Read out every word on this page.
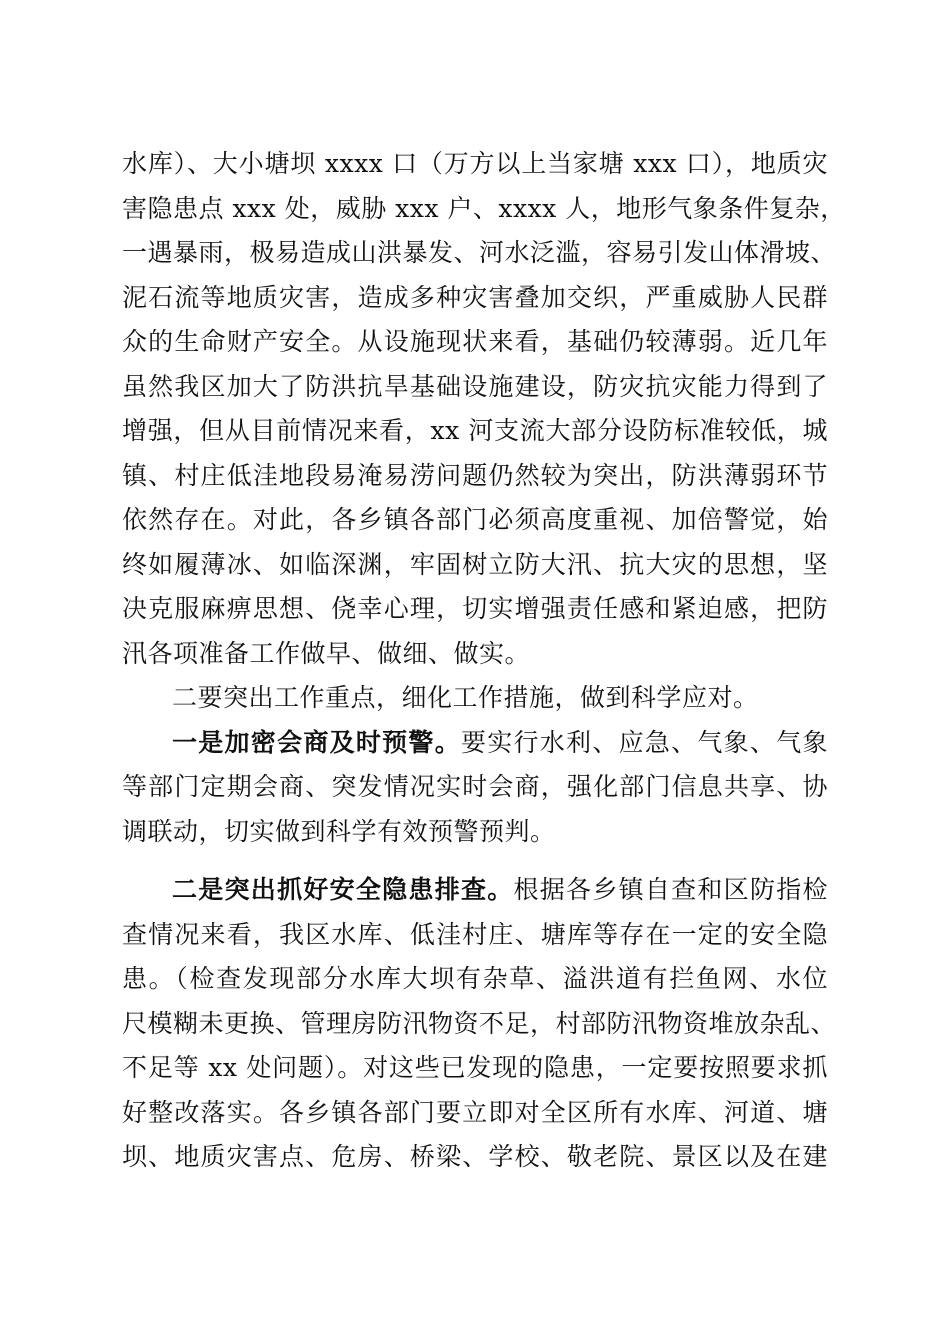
水库）、大小塘坝 xxxx 口（万方以上当家塘 xxx 口），地质灾
害隐患点 xxx 处，威胁 xxx 户、xxxx 人，地形气象条件复杂，
一遇暴雨，极易造成山洪暴发、河水泛滥，容易引发山体滑坡、
泥石流等地质灾害，造成多种灾害叠加交织，严重威胁人民群
众的生命财产安全。从设施现状来看，基础仍较薄弱。近几年
虽然我区加大了防洪抗旱基础设施建设，防灾抗灾能力得到了
增强，但从目前情况来看，xx 河支流大部分设防标准较低，城
镇、村庄低洼地段易淹易涝问题仍然较为突出，防洪薄弱环节
依然存在。对此，各乡镇各部门必须高度重视、加倍警觉，始
终如履薄冰、如临深渊，牢固树立防大汛、抗大灾的思想，坚
决克服麻痹思想、侥幸心理，切实增强责任感和紧迫感，把防
汛各项准备工作做早、做细、做实。
二要突出工作重点，细化工作措施，做到科学应对。
一是加密会商及时预警。要实行水利、应急、气象、气象
等部门定期会商、突发情况实时会商，强化部门信息共享、协
调联动，切实做到科学有效预警预判。
二是突出抓好安全隐患排查。根据各乡镇自查和区防指检
查情况来看，我区水库、低洼村庄、塘库等存在一定的安全隐
患。（检查发现部分水库大坝有杂草、溢洪道有拦鱼网、水位
尺模糊未更换、管理房防汛物资不足，村部防汛物资堆放杂乱、
不足等 xx 处问题）。对这些已发现的隐患，一定要按照要求抓
好整改落实。各乡镇各部门要立即对全区所有水库、河道、塘
坝、地质灾害点、危房、桥梁、学校、敬老院、景区以及在建
